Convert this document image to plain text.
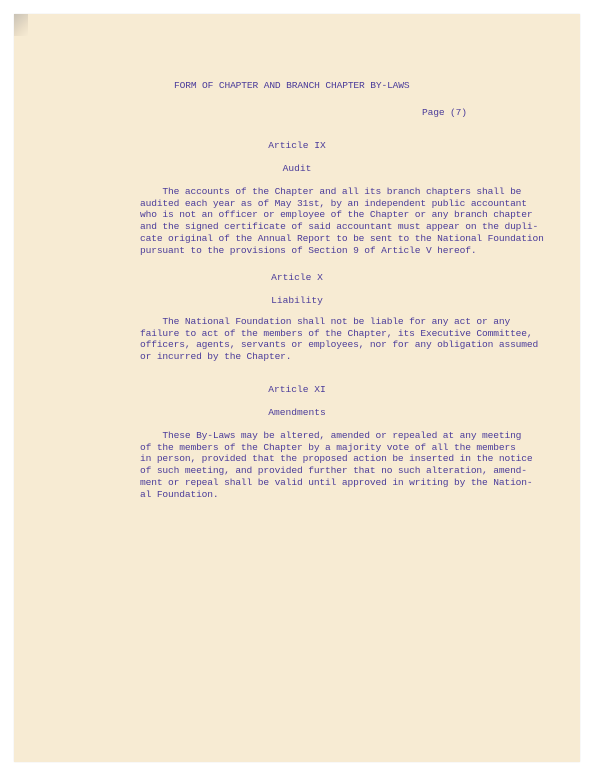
FORM OF CHAPTER AND BRANCH CHAPTER BY-LAWS
Page (7)
Article IX
Audit
The accounts of the Chapter and all its branch chapters shall be
audited each year as of May 31st, by an independent public accountant
who is not an officer or employee of the Chapter or any branch chapter
and the signed certificate of said accountant must appear on the dupli-
cate original of the Annual Report to be sent to the National Foundation
pursuant to the provisions of Section 9 of Article V hereof.
Article X
Liability
The National Foundation shall not be liable for any act or any
failure to act of the members of the Chapter, its Executive Committee,
officers, agents, servants or employees, nor for any obligation assumed
or incurred by the Chapter.
Article XI
Amendments
These By-Laws may be altered, amended or repealed at any meeting
of the members of the Chapter by a majority vote of all the members
in person, provided that the proposed action be inserted in the notice
of such meeting, and provided further that no such alteration, amend-
ment or repeal shall be valid until approved in writing by the Nation-
al Foundation.
